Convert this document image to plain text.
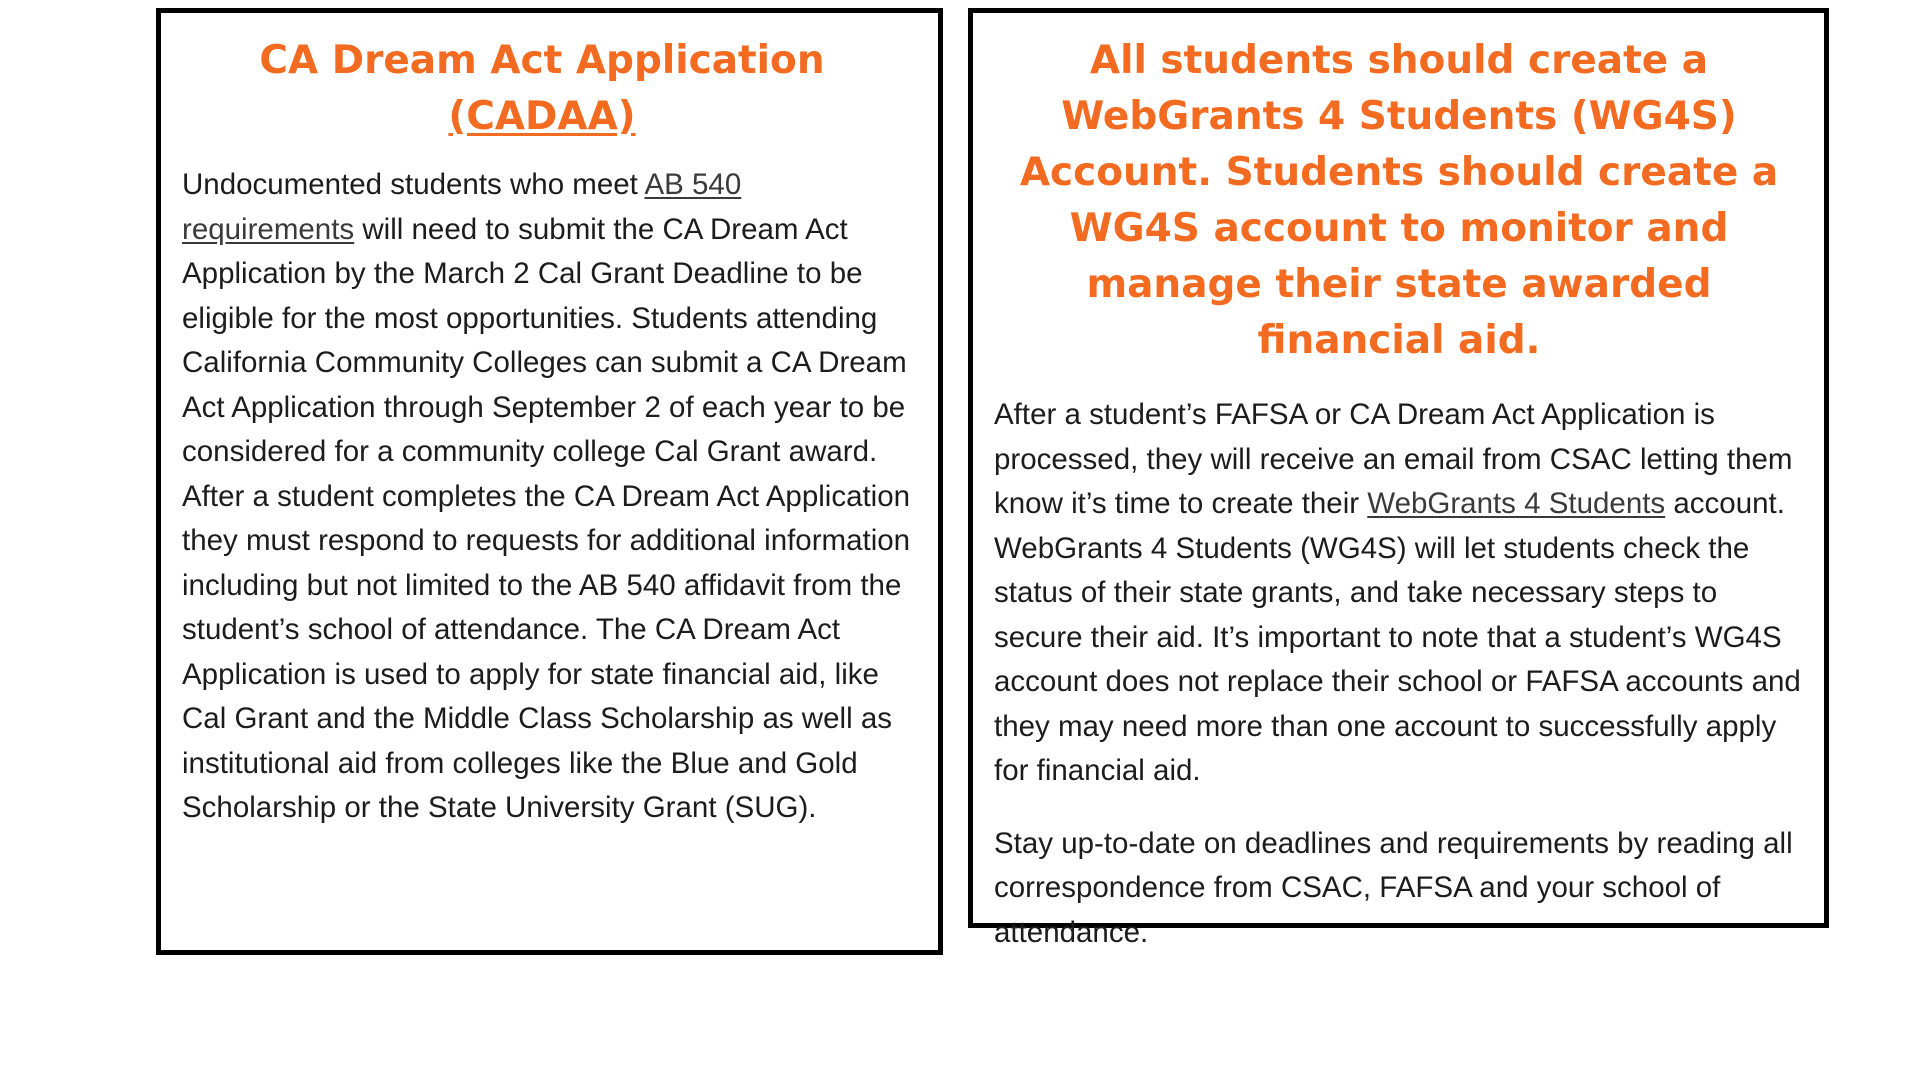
CA Dream Act Application
(CADAA)

Undocumented students who meet AB 540 requirements will need to submit the CA Dream Act Application by the March 2 Cal Grant Deadline to be eligible for the most opportunities. Students attending California Community Colleges can submit a CA Dream Act Application through September 2 of each year to be considered for a community college Cal Grant award. After a student completes the CA Dream Act Application they must respond to requests for additional information including but not limited to the AB 540 affidavit from the student’s school of attendance. The CA Dream Act Application is used to apply for state financial aid, like Cal Grant and the Middle Class Scholarship as well as institutional aid from colleges like the Blue and Gold Scholarship or the State University Grant (SUG).

All students should create a WebGrants 4 Students (WG4S) Account. Students should create a WG4S account to monitor and manage their state awarded financial aid.

After a student’s FAFSA or CA Dream Act Application is processed, they will receive an email from CSAC letting them know it’s time to create their WebGrants 4 Students account. WebGrants 4 Students (WG4S) will let students check the status of their state grants, and take necessary steps to secure their aid. It’s important to note that a student’s WG4S account does not replace their school or FAFSA accounts and they may need more than one account to successfully apply for financial aid.

Stay up-to-date on deadlines and requirements by reading all correspondence from CSAC, FAFSA and your school of attendance.
